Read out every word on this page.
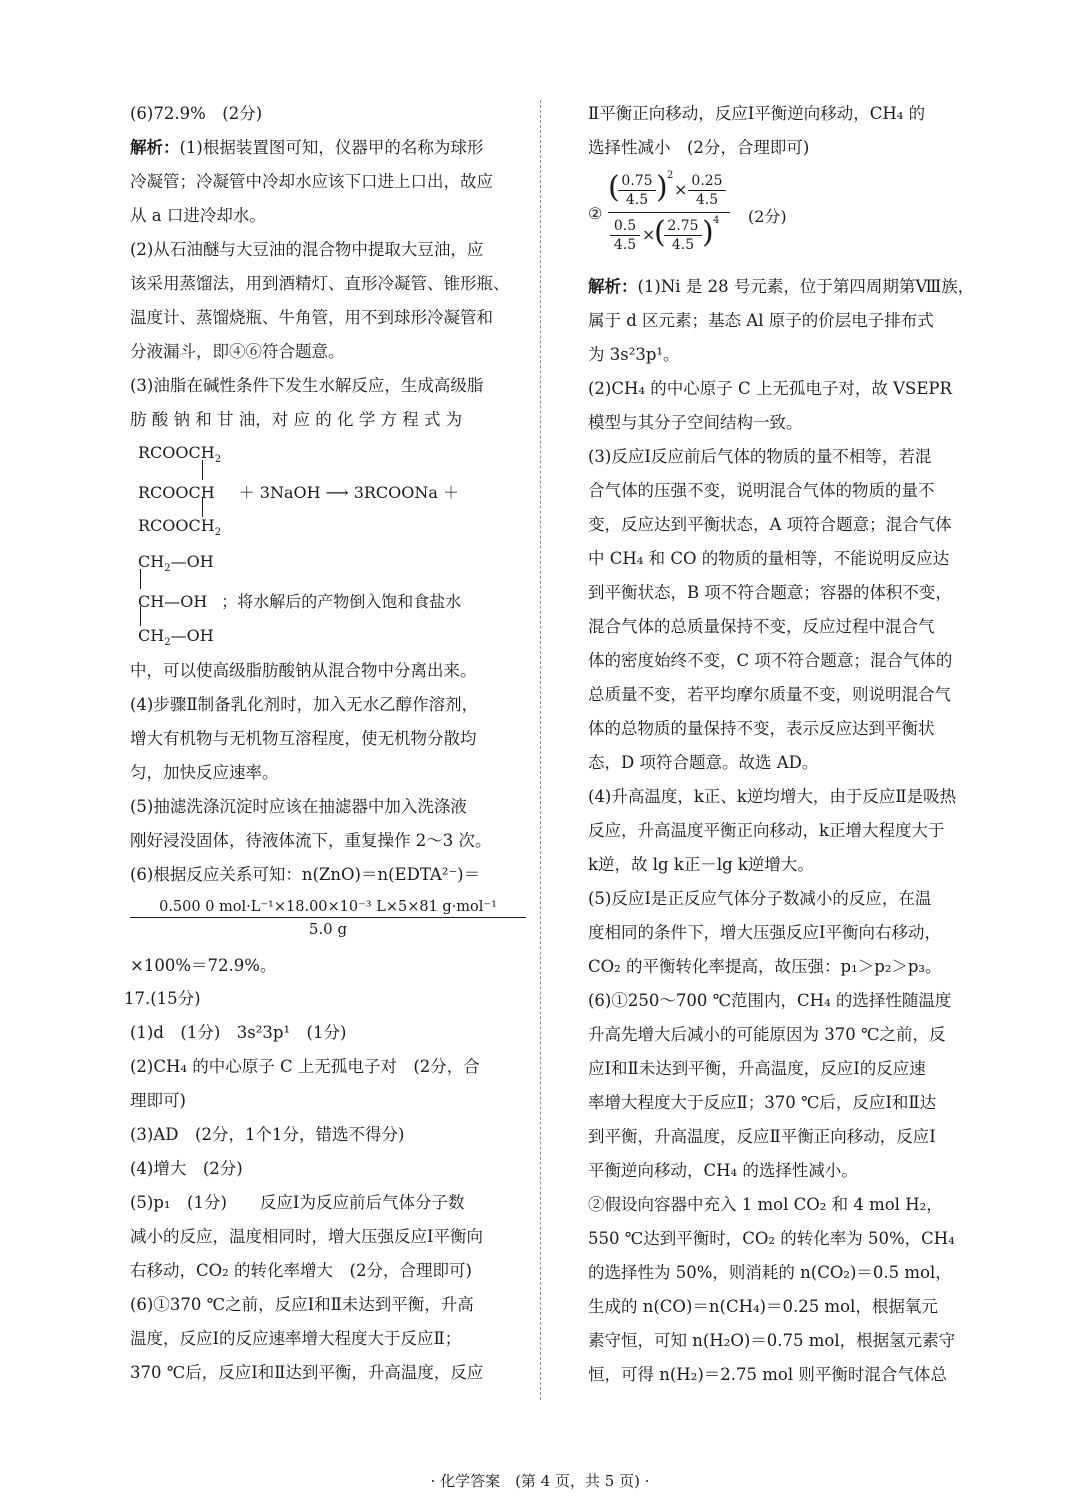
(6)72.9%　(2分)
解析：(1)根据装置图可知，仪器甲的名称为球形
冷凝管；冷凝管中冷却水应该下口进上口出，故应
从 a 口进冷却水。
(2)从石油醚与大豆油的混合物中提取大豆油，应
该采用蒸馏法，用到酒精灯、直形冷凝管、锥形瓶、
温度计、蒸馏烧瓶、牛角管，用不到球形冷凝管和
分液漏斗，即④⑥符合题意。
(3)油脂在碱性条件下发生水解反应，生成高级脂
肪 酸 钠 和 甘 油，对 应 的 化 学 方 程 式 为
$RCOOCH_2$
RCOOCH ＋ 3NaOH ⟶ 3RCOONa ＋
$RCOOCH_2$
$CH_2—OH$
CH—OH ；将水解后的产物倒入饱和食盐水
$CH_2—OH$
中，可以使高级脂肪酸钠从混合物中分离出来。
(4)步骤Ⅱ制备乳化剂时，加入无水乙醇作溶剂，
增大有机物与无机物互溶程度，使无机物分散均
匀，加快反应速率。
(5)抽滤洗涤沉淀时应该在抽滤器中加入洗涤液
刚好浸没固体，待液体流下，重复操作 2～3 次。
(6)根据反应关系可知：n(ZnO)＝n(EDTA²⁻)＝
0.500 0 mol·L⁻¹×18.00×10⁻³ L×5×81 g·mol⁻¹
5.0 g
×100%＝72.9%。
17.(15分)
(1)d　(1分)　3s²3p¹　(1分)
(2)CH₄ 的中心原子 C 上无孤电子对　(2分，合
理即可)
(3)AD　(2分，1个1分，错选不得分)
(4)增大　(2分)
(5)p₁　(1分)　　反应Ⅰ为反应前后气体分子数
减小的反应，温度相同时，增大压强反应Ⅰ平衡向
右移动，CO₂ 的转化率增大　(2分，合理即可)
(6)①370 ℃之前，反应Ⅰ和Ⅱ未达到平衡，升高
温度，反应Ⅰ的反应速率增大程度大于反应Ⅱ；
370 ℃后，反应Ⅰ和Ⅱ达到平衡，升高温度，反应
Ⅱ平衡正向移动，反应Ⅰ平衡逆向移动，CH₄ 的
选择性减小　(2分，合理即可)
②
( 0.75
4.5 ) 2
× 0.25
4.5
0.5
4.5
×
( 2.75
4.5 ) 4 (2分)
解析：(1)Ni 是 28 号元素，位于第四周期第Ⅷ族，
属于 d 区元素；基态 Al 原子的价层电子排布式
为 3s²3p¹。
(2)CH₄ 的中心原子 C 上无孤电子对，故 VSEPR
模型与其分子空间结构一致。
(3)反应Ⅰ反应前后气体的物质的量不相等，若混
合气体的压强不变，说明混合气体的物质的量不
变，反应达到平衡状态，A 项符合题意；混合气体
中 CH₄ 和 CO 的物质的量相等，不能说明反应达
到平衡状态，B 项不符合题意；容器的体积不变，
混合气体的总质量保持不变，反应过程中混合气
体的密度始终不变，C 项不符合题意；混合气体的
总质量不变，若平均摩尔质量不变，则说明混合气
体的总物质的量保持不变，表示反应达到平衡状
态，D 项符合题意。故选 AD。
(4)升高温度，k正、k逆均增大，由于反应Ⅱ是吸热
反应，升高温度平衡正向移动，k正增大程度大于
k逆，故 lg k正－lg k逆增大。
(5)反应Ⅰ是正反应气体分子数减小的反应，在温
度相同的条件下，增大压强反应Ⅰ平衡向右移动，
CO₂ 的平衡转化率提高，故压强：p₁＞p₂＞p₃。
(6)①250～700 ℃范围内，CH₄ 的选择性随温度
升高先增大后减小的可能原因为 370 ℃之前，反
应Ⅰ和Ⅱ未达到平衡，升高温度，反应Ⅰ的反应速
率增大程度大于反应Ⅱ；370 ℃后，反应Ⅰ和Ⅱ达
到平衡，升高温度，反应Ⅱ平衡正向移动，反应Ⅰ
平衡逆向移动，CH₄ 的选择性减小。
②假设向容器中充入 1 mol CO₂ 和 4 mol H₂，
550 ℃达到平衡时，CO₂ 的转化率为 50%，CH₄
的选择性为 50%，则消耗的 n(CO₂)＝0.5 mol，
生成的 n(CO)＝n(CH₄)＝0.25 mol，根据氧元
素守恒，可知 n(H₂O)＝0.75 mol，根据氢元素守
恒，可得 n(H₂)＝2.75 mol 则平衡时混合气体总
· 化学答案　(第 4 页，共 5 页) ·
